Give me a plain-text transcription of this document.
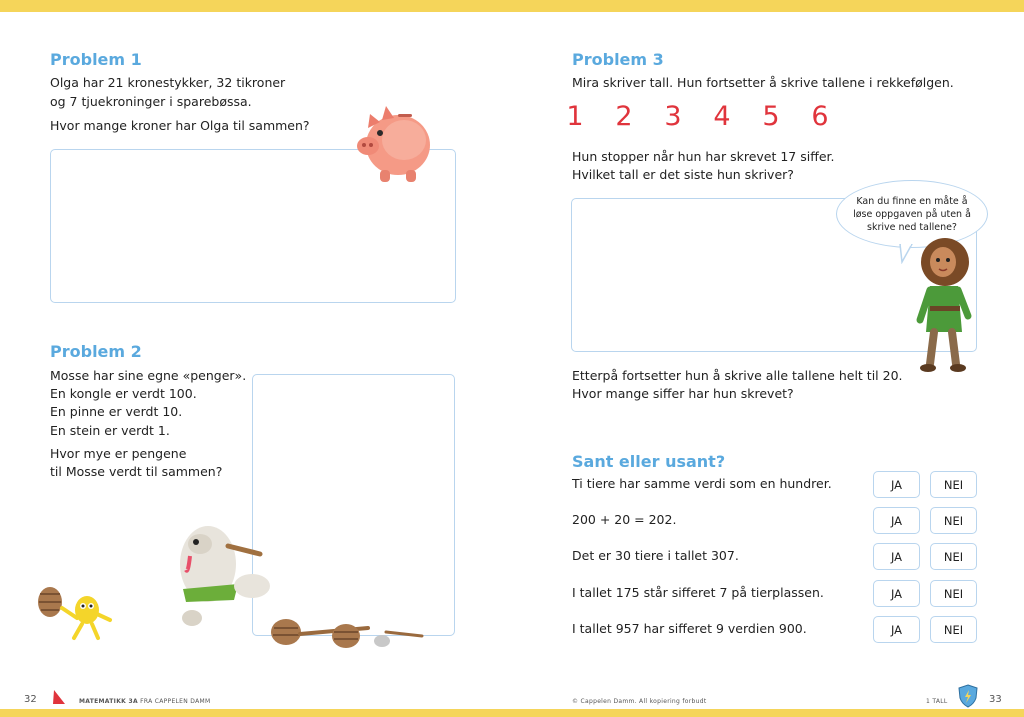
Problem 1
Olga har 21 kronestykker, 32 tikroner
og 7 tjuekroninger i sparebøssa.
Hvor mange kroner har Olga til sammen?
Problem 2
Mosse har sine egne «penger».
En kongle er verdt 100.
En pinne er verdt 10.
En stein er verdt 1.
Hvor mye er pengene
til Mosse verdt til sammen?
32	MATEMATIKK 3A FRA CAPPELEN DAMM
Problem 3
Mira skriver tall. Hun fortsetter å skrive tallene i rekkefølgen.
1 2 3 4 5 6
Hun stopper når hun har skrevet 17 siffer.
Hvilket tall er det siste hun skriver?
Kan du finne en måte å løse oppgaven på uten å skrive ned tallene?
Etterpå fortsetter hun å skrive alle tallene helt til 20.
Hvor mange siffer har hun skrevet?
Sant eller usant?
Ti tiere har samme verdi som en hundrer.	JA	NEI
200 + 20 = 202.	JA	NEI
Det er 30 tiere i tallet 307.	JA	NEI
I tallet 175 står sifferet 7 på tierplassen.	JA	NEI
I tallet 957 har sifferet 9 verdien 900.	JA	NEI
© Cappelen Damm. All kopiering forbudt	1 TALL	33
